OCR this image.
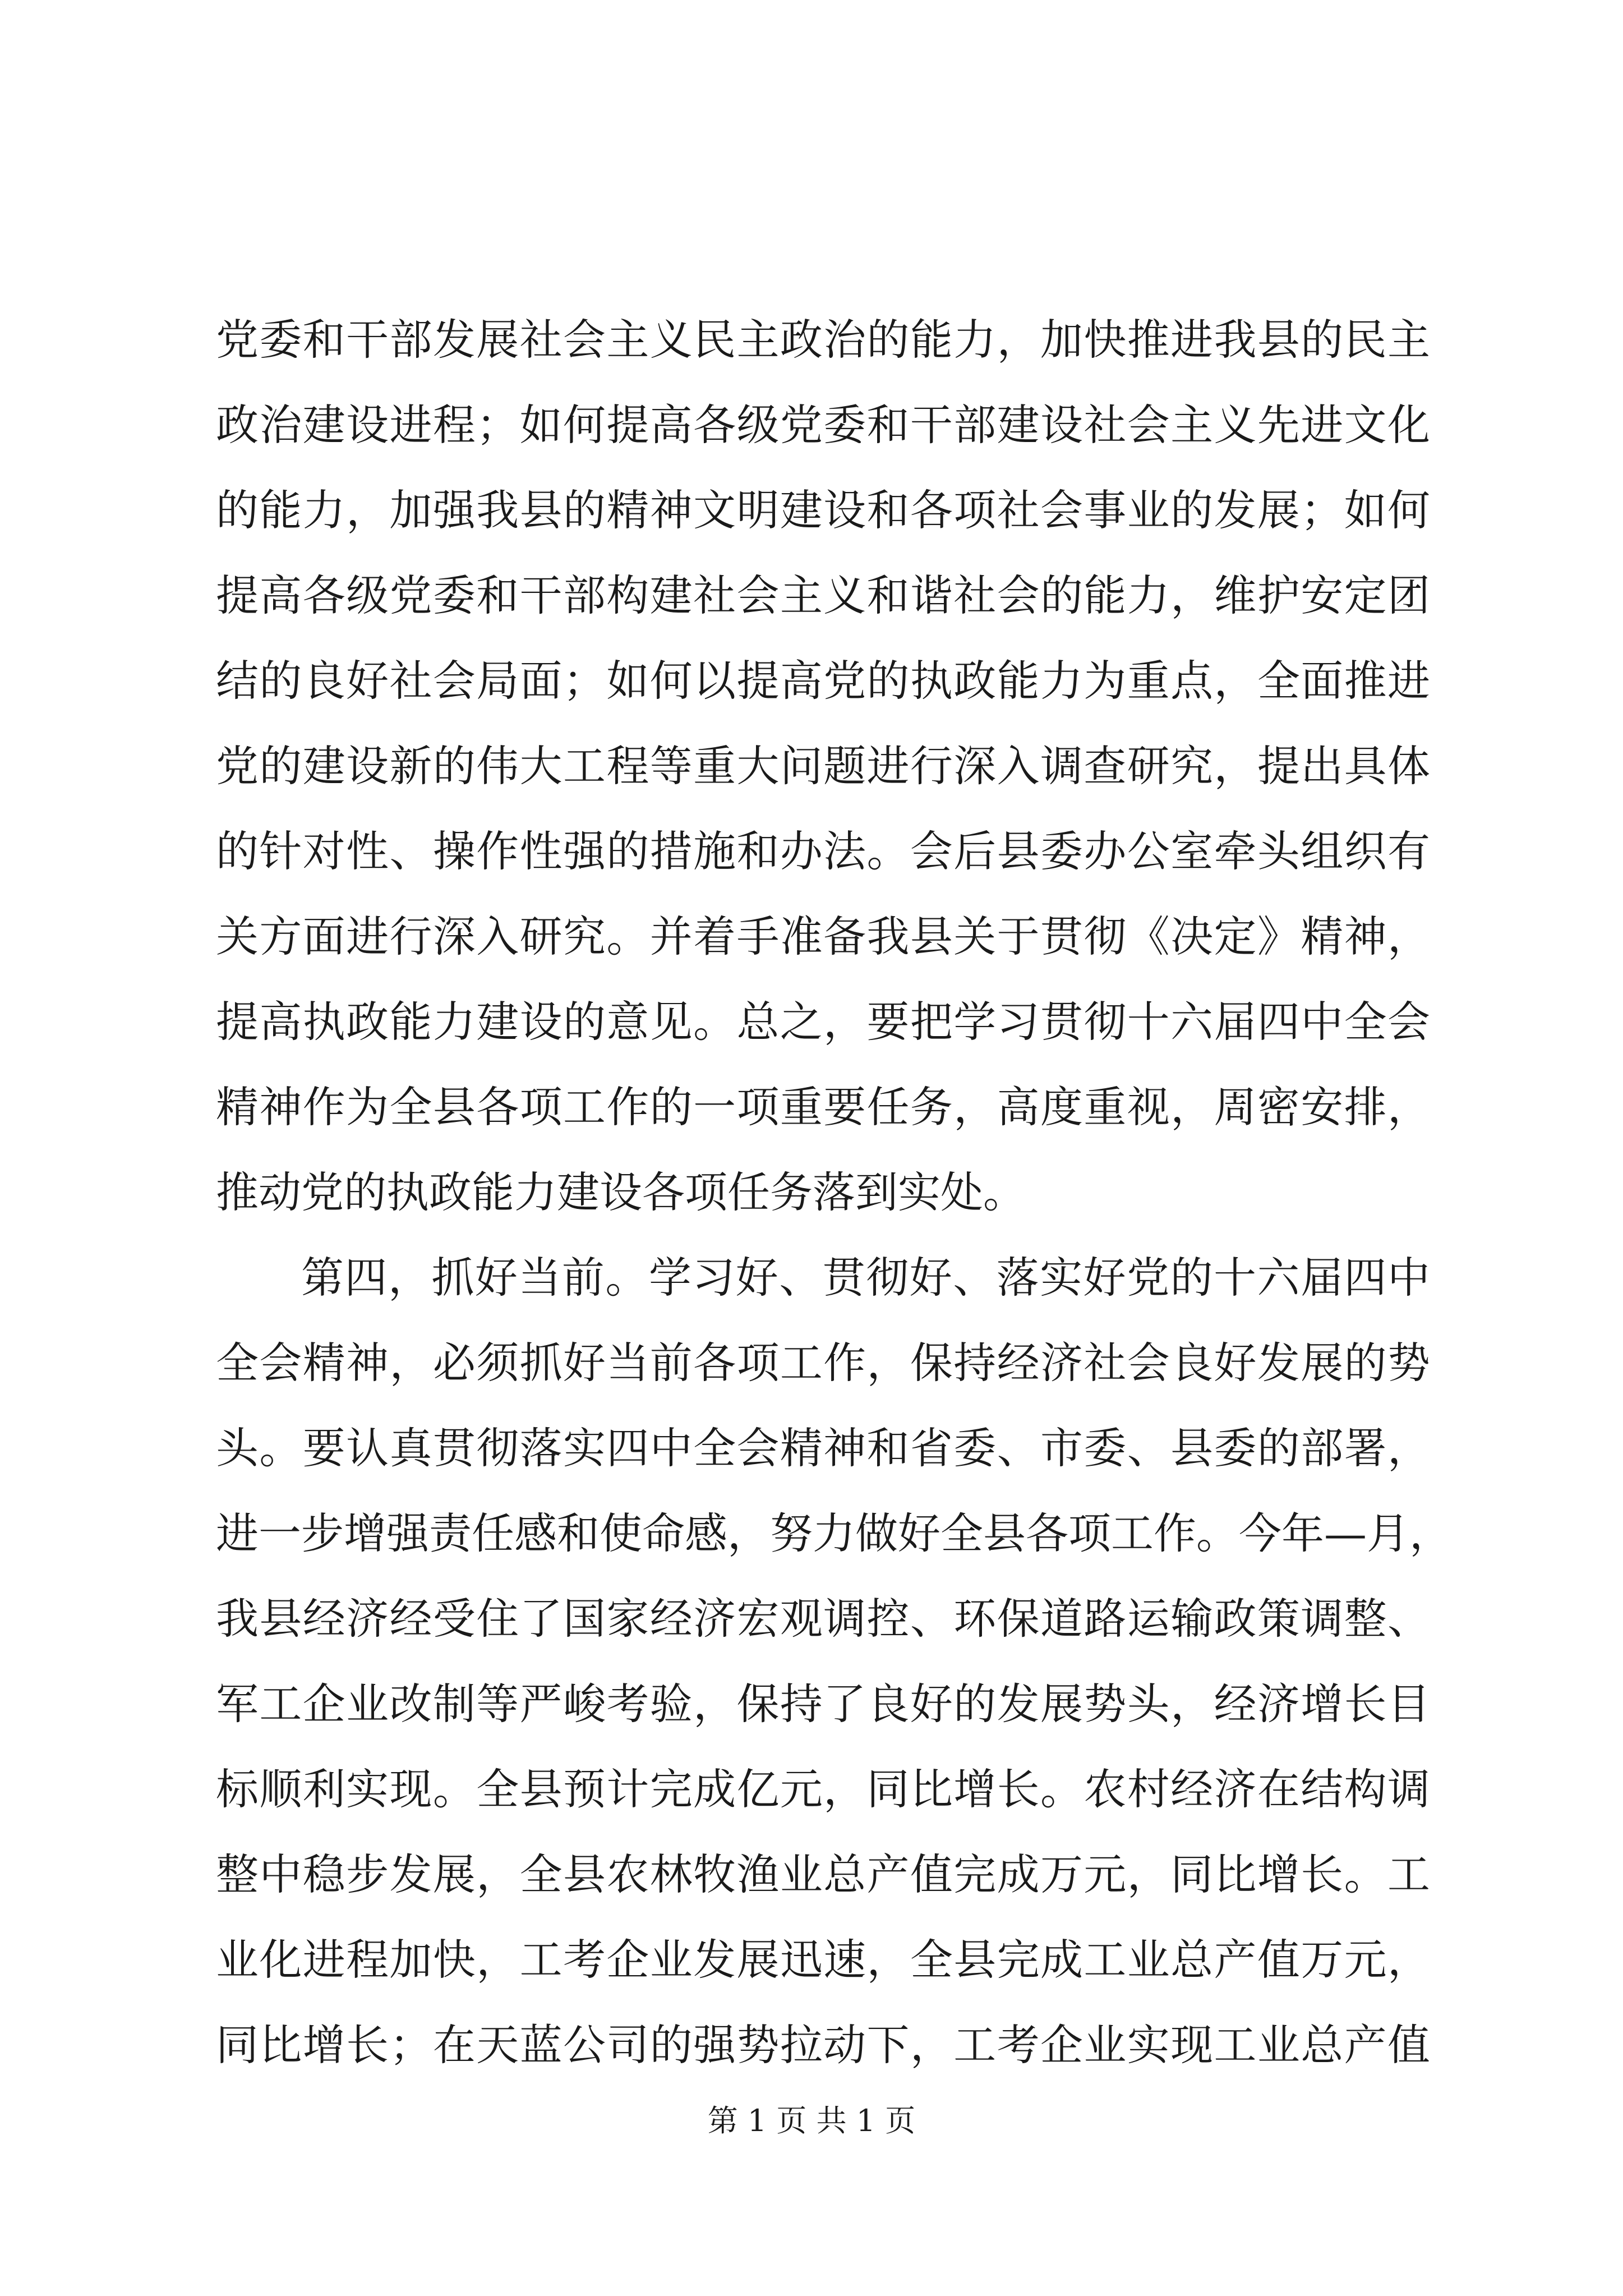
党委和干部发展社会主义民主政治的能力，加快推进我县的民主
政治建设进程；如何提高各级党委和干部建设社会主义先进文化
的能力，加强我县的精神文明建设和各项社会事业的发展；如何
提高各级党委和干部构建社会主义和谐社会的能力，维护安定团
结的良好社会局面；如何以提高党的执政能力为重点，全面推进
党的建设新的伟大工程等重大问题进行深入调查研究，提出具体
的针对性、操作性强的措施和办法。会后县委办公室牵头组织有
关方面进行深入研究。并着手准备我县关于贯彻《决定》精神，
提高执政能力建设的意见。总之，要把学习贯彻十六届四中全会
精神作为全县各项工作的一项重要任务，高度重视，周密安排，
推动党的执政能力建设各项任务落到实处。
第四，抓好当前。学习好、贯彻好、落实好党的十六届四中
全会精神，必须抓好当前各项工作，保持经济社会良好发展的势
头。要认真贯彻落实四中全会精神和省委、市委、县委的部署，
进一步增强责任感和使命感，努力做好全县各项工作。今年—月，
我县经济经受住了国家经济宏观调控、环保道路运输政策调整、
军工企业改制等严峻考验，保持了良好的发展势头，经济增长目
标顺利实现。全县预计完成亿元，同比增长。农村经济在结构调
整中稳步发展，全县农林牧渔业总产值完成万元，同比增长。工
业化进程加快，工考企业发展迅速，全县完成工业总产值万元，
同比增长；在天蓝公司的强势拉动下，工考企业实现工业总产值
第 1 页 共 1 页
